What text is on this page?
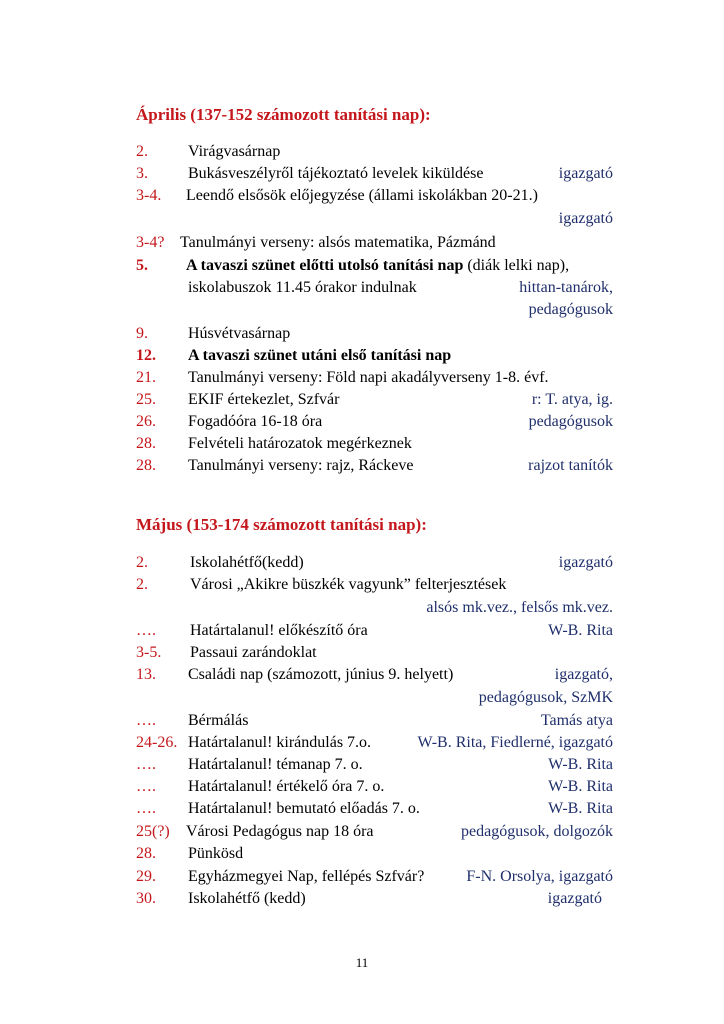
Április (137-152 számozott tanítási nap):
2.	Virágvasárnap
3.	Bukásveszélyről tájékoztató levelek kiküldése	igazgató
3-4. Leendő elsősök előjegyzése (állami iskolákban 20-21.)
igazgató
3-4? Tanulmányi verseny: alsós matematika, Pázmánd
5. A tavaszi szünet előtti utolsó tanítási nap (diák lelki nap),
iskolabuszok 11.45 órakor indulnak	hittan-tanárok,
pedagógusok
9.	Húsvétvasárnap
12. A tavaszi szünet utáni első tanítási nap
21. Tanulmányi verseny: Föld napi akadályverseny 1-8. évf.
25. EKIF értekezlet, Szfvár	r: T. atya, ig.
26. Fogadóóra 16-18 óra	pedagógusok
28. Felvételi határozatok megérkeznek
28. Tanulmányi verseny: rajz, Ráckeve	rajzot tanítók
Május (153-174 számozott tanítási nap):
2.	Iskolahétfő(kedd)	igazgató
2.	Városi „Akikre büszkék vagyunk” felterjesztések
alsós mk.vez., felsős mk.vez.
…. Határtalanul! előkészítő óra	W-B. Rita
3-5. Passaui zarándoklat
13. Családi nap (számozott, június 9. helyett)	igazgató,
pedagógusok, SzMK
…. Bérmálás	Tamás atya
24-26. Határtalanul! kirándulás 7.o.	W-B. Rita, Fiedlerné, igazgató
…. Határtalanul! témanap 7. o.	W-B. Rita
…. Határtalanul! értékelő óra 7. o.	W-B. Rita
…. Határtalanul! bemutató előadás 7. o.	W-B. Rita
25(?) Városi Pedagógus nap 18 óra	pedagógusok, dolgozók
28. Pünkösd
29. Egyházmegyei Nap, fellépés Szfvár?	F-N. Orsolya, igazgató
30. Iskolahétfő (kedd)	igazgató
11
